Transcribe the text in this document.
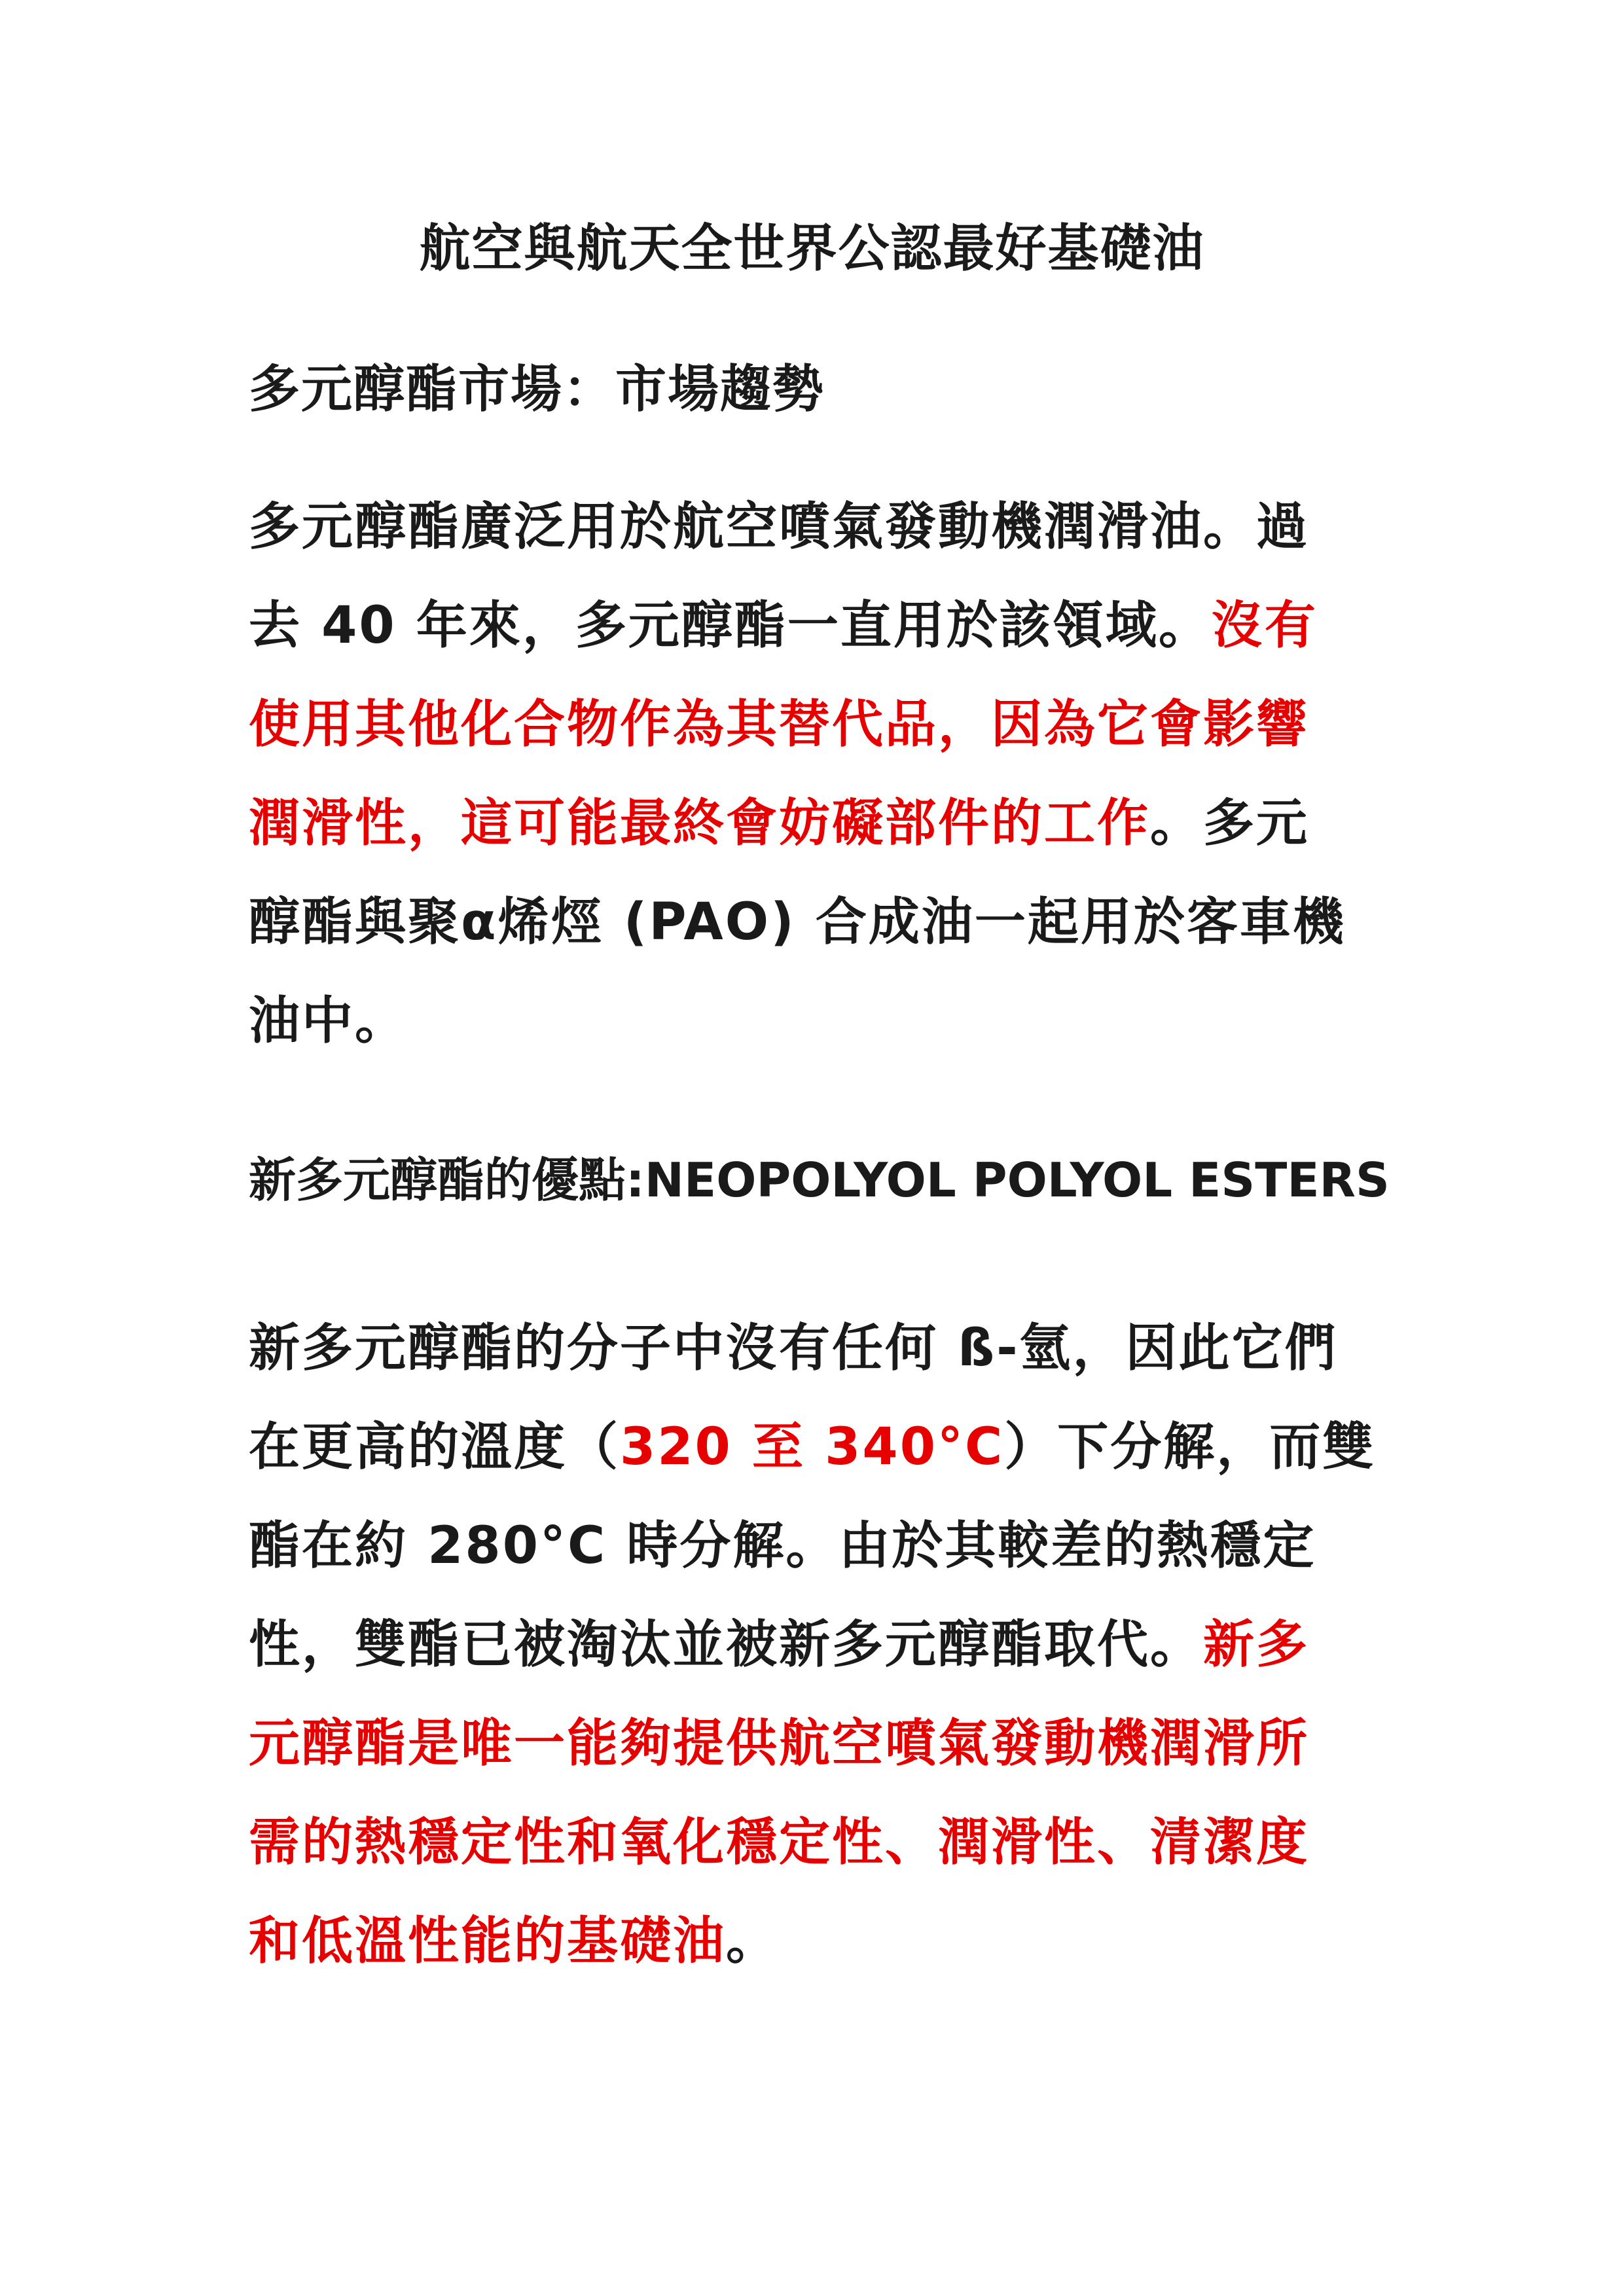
航空與航天全世界公認最好基礎油
多元醇酯市場：市場趨勢
多元醇酯廣泛用於航空噴氣發動機潤滑油。過
去 40 年來，多元醇酯一直用於該領域。沒有
使用其他化合物作為其替代品，因為它會影響
潤滑性，這可能最終會妨礙部件的工作。多元
醇酯與聚α烯烴 (PAO) 合成油一起用於客車機
油中。
新多元醇酯的優點:NEOPOLYOL POLYOL ESTERS
新多元醇酯的分子中沒有任何 ß-氫，因此它們
在更高的溫度（320 至 340°C）下分解，而雙
酯在約 280°C 時分解。由於其較差的熱穩定
性，雙酯已被淘汰並被新多元醇酯取代。新多
元醇酯是唯一能夠提供航空噴氣發動機潤滑所
需的熱穩定性和氧化穩定性、潤滑性、清潔度
和低溫性能的基礎油。
